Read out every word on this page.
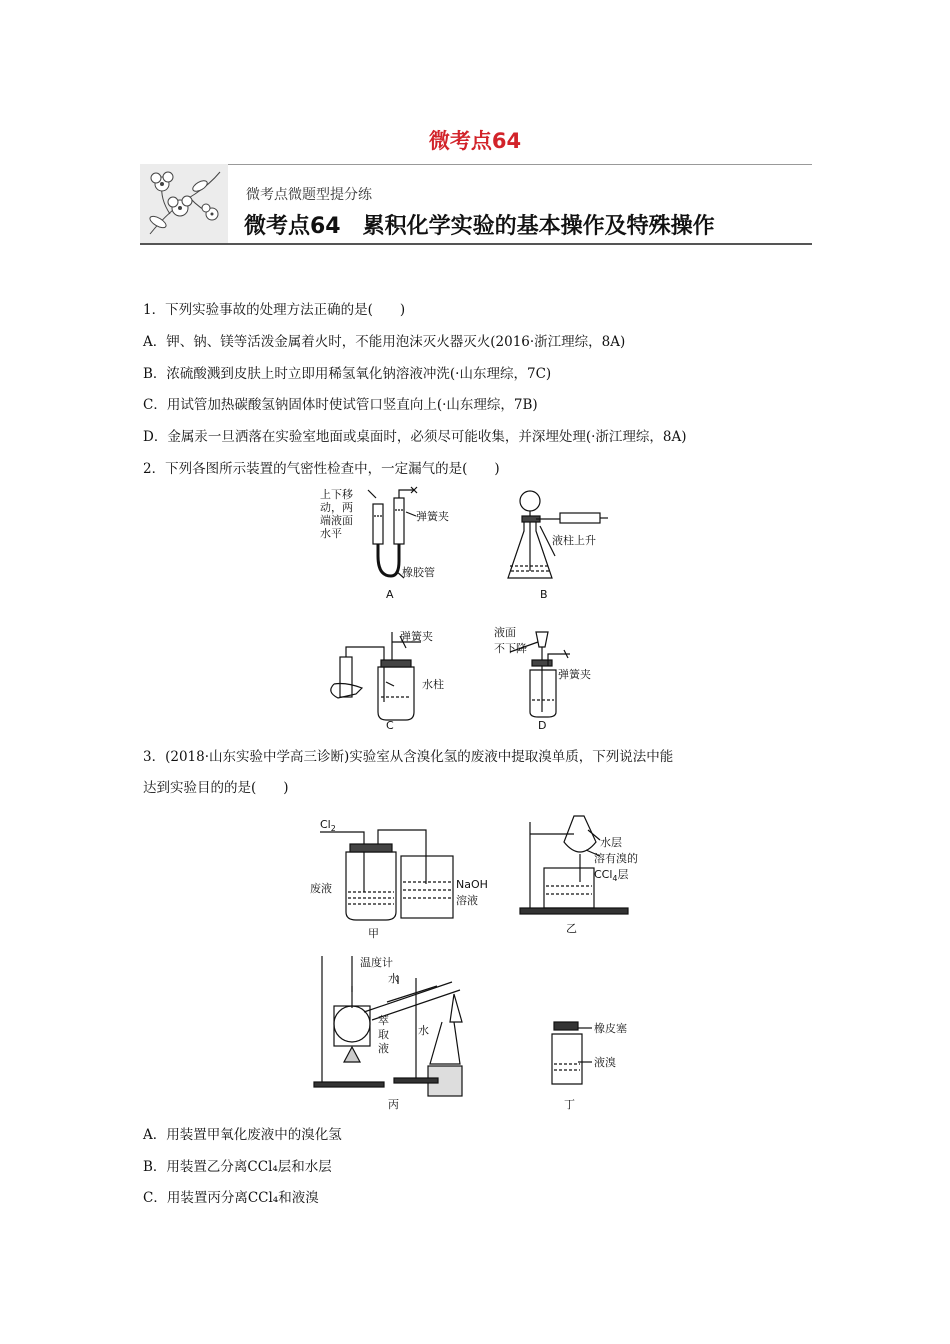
微考点64
微考点微题型提分练
微考点64　累积化学实验的基本操作及特殊操作
1．下列实验事故的处理方法正确的是(　　)
A．钾、钠、镁等活泼金属着火时，不能用泡沫灭火器灭火(2016·浙江理综，8A)
B．浓硫酸溅到皮肤上时立即用稀氢氧化钠溶液冲洗(·山东理综，7C)
C．用试管加热碳酸氢钠固体时使试管口竖直向上(·山东理综，7B)
D．金属汞一旦洒落在实验室地面或桌面时，必须尽可能收集，并深埋处理(·浙江理综，8A)
2．下列各图所示装置的气密性检查中，一定漏气的是(　　)
上下移
动，两
端液面
水平
弹簧夹
橡胶管
A
液柱上升
B
弹簧夹
水柱
C
液面
不下降
弹簧夹
D
3．(2018·山东实验中学高三诊断)实验室从含溴化氢的废液中提取溴单质，下列说法中能
达到实验目的的是(　　)
$Cl_2$
废液	NaOH
溶液
甲
水层
溶有溴的
CCl$_4$层
乙
温度计
水
水
萃
取
液
丙
橡皮塞
液溴
丁
A．用装置甲氧化废液中的溴化氢
B．用装置乙分离CCl₄层和水层
C．用装置丙分离CCl₄和液溴
